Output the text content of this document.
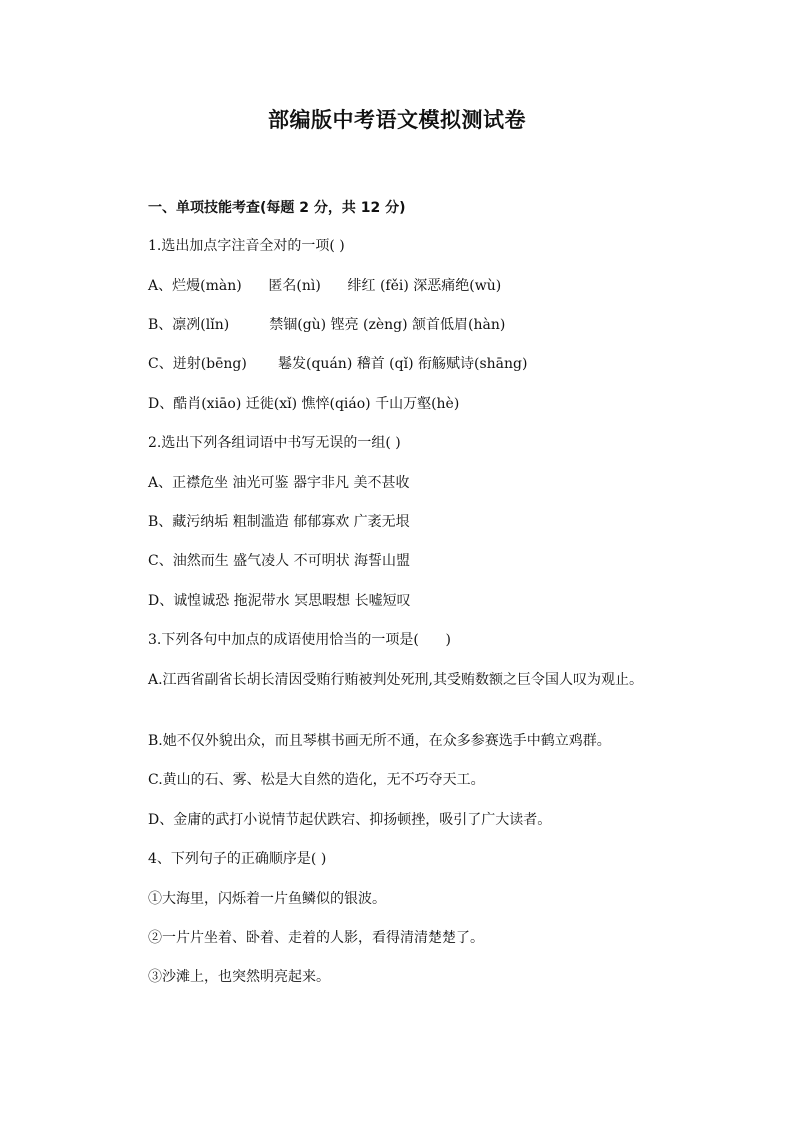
部编版中考语文模拟测试卷
一、单项技能考查(每题 2 分，共 12 分)
1.选出加点字注音全对的一项( )
A、烂熳(màn)      匿名(nì)      绯红 (fěi) 深恶痛绝(wù)
B、凛冽(lǐn)         禁锢(gù) 铿亮 (zèng) 颔首低眉(hàn)
C、迸射(bēng)       鬈发(quán) 稽首 (qǐ) 衔觞赋诗(shāng)
D、酷肖(xiāo) 迁徙(xǐ) 憔悴(qiáo) 千山万壑(hè)
2.选出下列各组词语中书写无误的一组( )
A、正襟危坐 油光可鉴 器宇非凡 美不甚收
B、藏污纳垢 粗制滥造 郁郁寡欢 广袤无垠
C、油然而生 盛气凌人 不可明状 海誓山盟
D、诚惶诚恐 拖泥带水 冥思暇想 长嘘短叹
3.下列各句中加点的成语使用恰当的一项是(      )
A.江西省副省长胡长清因受贿行贿被判处死刑,其受贿数额之巨令国人叹为观止。
B.她不仅外貌出众，而且琴棋书画无所不通，在众多参赛选手中鹤立鸡群。
C.黄山的石、雾、松是大自然的造化，无不巧夺天工。
D、金庸的武打小说情节起伏跌宕、抑扬顿挫，吸引了广大读者。
4、下列句子的正确顺序是( )
①大海里，闪烁着一片鱼鳞似的银波。
②一片片坐着、卧着、走着的人影，看得清清楚楚了。
③沙滩上，也突然明亮起来。
